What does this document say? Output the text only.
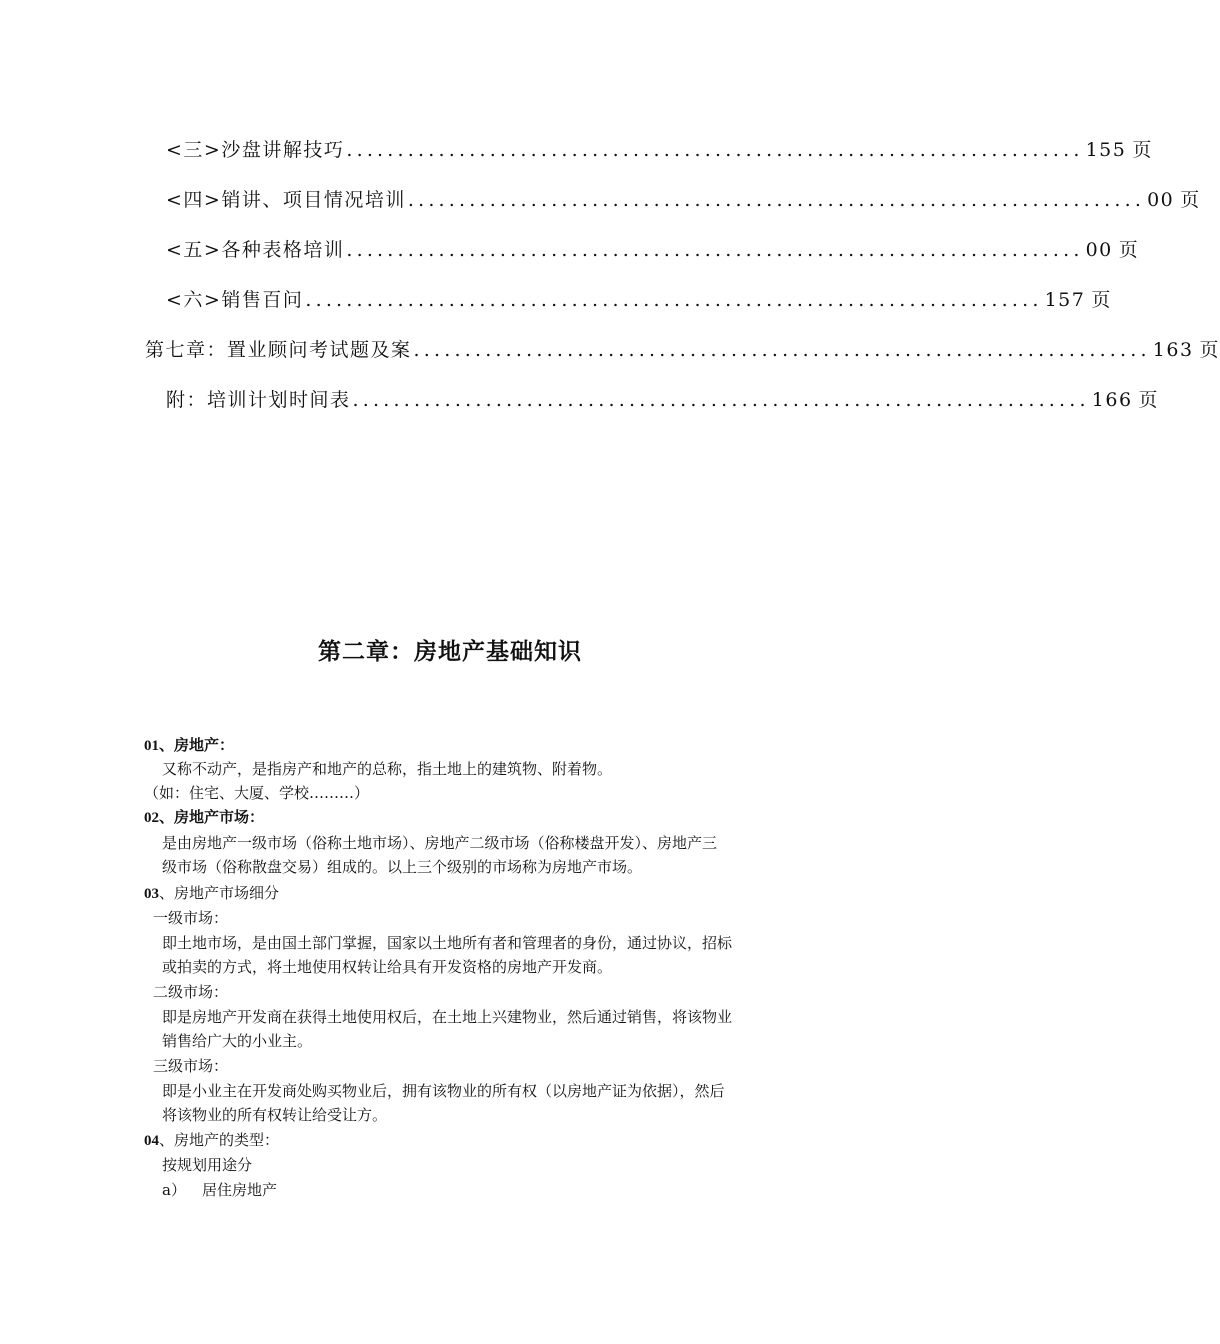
<三>沙盘讲解技巧 ........................................................................ 155 页
<四>销讲、项目情况培训 ........................................................................ 00 页
<五>各种表格培训 ........................................................................ 00 页
<六>销售百问 ........................................................................ 157 页
第七章：置业顾问考试题及案 ........................................................................ 163 页
附：培训计划时间表 ........................................................................ 166 页
第二章：房地产基础知识
01、房地产：
又称不动产，是指房产和地产的总称，指土地上的建筑物、附着物。
（如：住宅、大厦、学校………）
02、房地产市场：
是由房地产一级市场（俗称土地市场）、房地产二级市场（俗称楼盘开发）、房地产三
级市场（俗称散盘交易）组成的。以上三个级别的市场称为房地产市场。
03、房地产市场细分
一级市场：
即土地市场，是由国土部门掌握，国家以土地所有者和管理者的身份，通过协议，招标
或拍卖的方式，将土地使用权转让给具有开发资格的房地产开发商。
二级市场：
即是房地产开发商在获得土地使用权后，在土地上兴建物业，然后通过销售，将该物业
销售给广大的小业主。
三级市场：
即是小业主在开发商处购买物业后，拥有该物业的所有权（以房地产证为依据），然后
将该物业的所有权转让给受让方。
04、房地产的类型：
按规划用途分
a） 居住房地产
